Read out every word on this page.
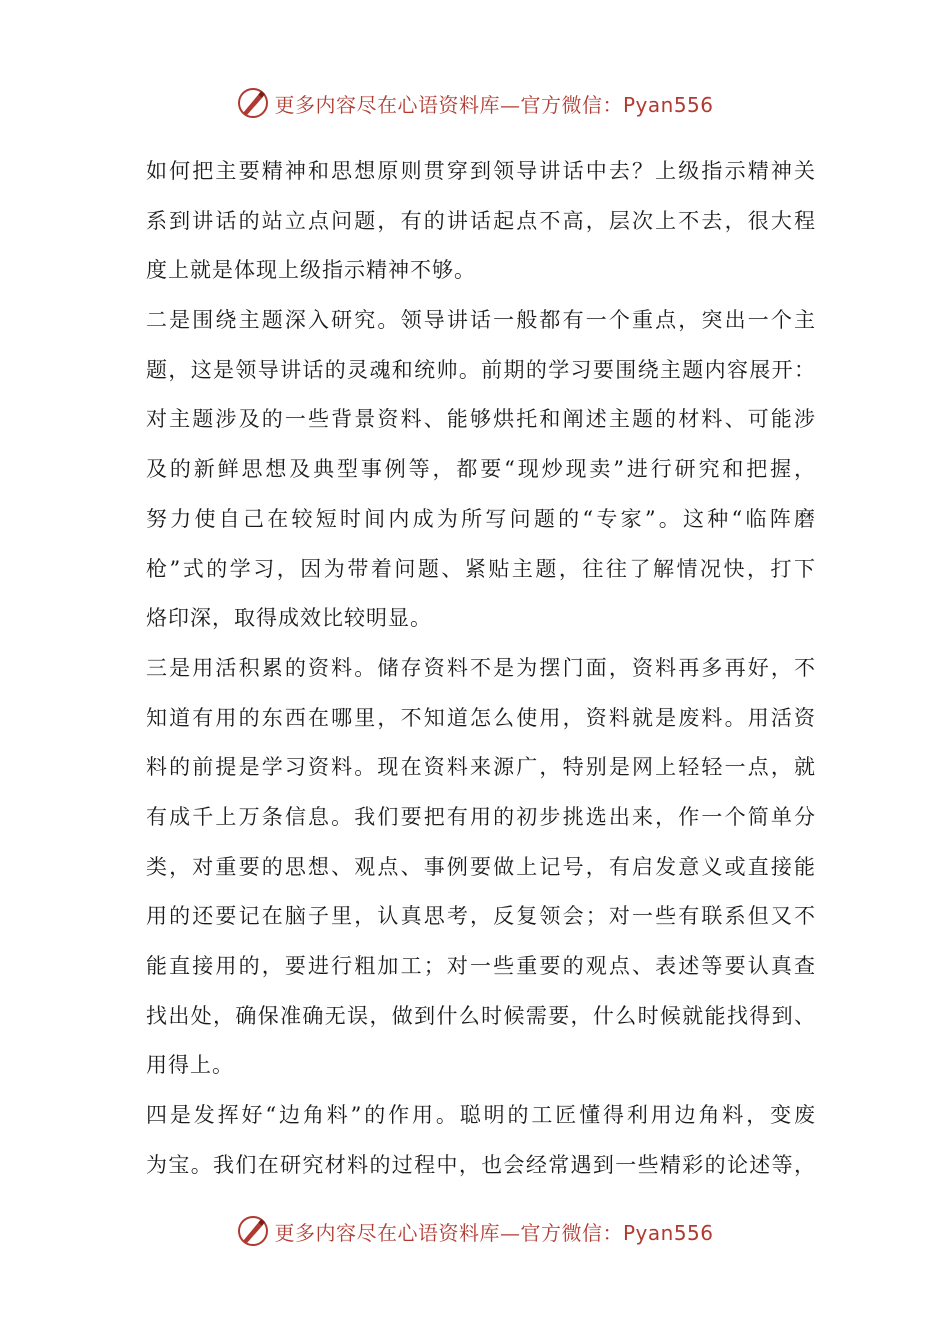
更多内容尽在心语资料库—官方微信：Pyan556
如何把主要精神和思想原则贯穿到领导讲话中去？上级指示精神关
系到讲话的站立点问题，有的讲话起点不高，层次上不去，很大程
度上就是体现上级指示精神不够。
二是围绕主题深入研究。领导讲话一般都有一个重点，突出一个主
题，这是领导讲话的灵魂和统帅。前期的学习要围绕主题内容展开：
对主题涉及的一些背景资料、能够烘托和阐述主题的材料、可能涉
及的新鲜思想及典型事例等，都要“现炒现卖”进行研究和把握，
努力使自己在较短时间内成为所写问题的“专家”。这种“临阵磨
枪”式的学习，因为带着问题、紧贴主题，往往了解情况快，打下
烙印深，取得成效比较明显。
三是用活积累的资料。储存资料不是为摆门面，资料再多再好，不
知道有用的东西在哪里，不知道怎么使用，资料就是废料。用活资
料的前提是学习资料。现在资料来源广，特别是网上轻轻一点，就
有成千上万条信息。我们要把有用的初步挑选出来，作一个简单分
类，对重要的思想、观点、事例要做上记号，有启发意义或直接能
用的还要记在脑子里，认真思考，反复领会；对一些有联系但又不
能直接用的，要进行粗加工；对一些重要的观点、表述等要认真查
找出处，确保准确无误，做到什么时候需要，什么时候就能找得到、
用得上。
四是发挥好“边角料”的作用。聪明的工匠懂得利用边角料，变废
为宝。我们在研究材料的过程中，也会经常遇到一些精彩的论述等，
更多内容尽在心语资料库—官方微信：Pyan556
